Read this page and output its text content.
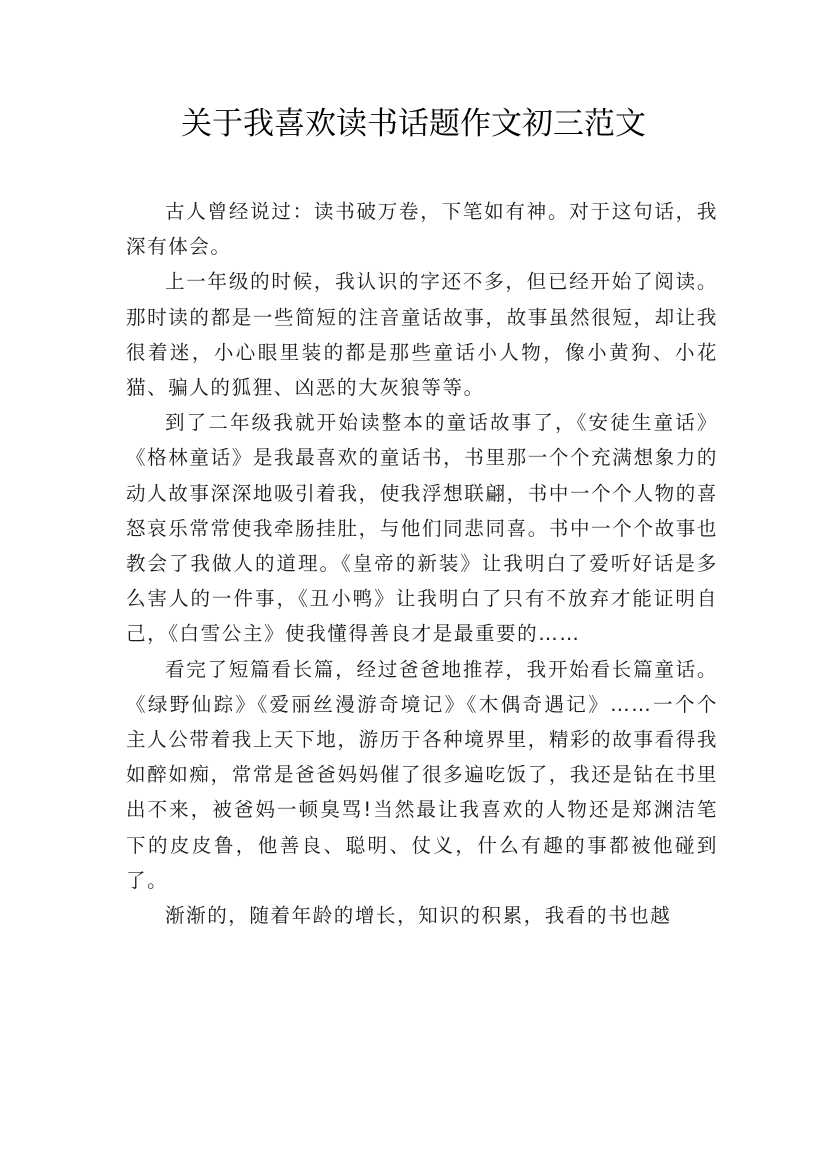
关于我喜欢读书话题作文初三范文

古人曾经说过：读书破万卷，下笔如有神。对于这句话，我深有体会。

上一年级的时候，我认识的字还不多，但已经开始了阅读。那时读的都是一些简短的注音童话故事，故事虽然很短，却让我很着迷，小心眼里装的都是那些童话小人物，像小黄狗、小花猫、骗人的狐狸、凶恶的大灰狼等等。

到了二年级我就开始读整本的童话故事了，《安徒生童话》《格林童话》是我最喜欢的童话书，书里那一个个充满想象力的动人故事深深地吸引着我，使我浮想联翩，书中一个个人物的喜怒哀乐常常使我牵肠挂肚，与他们同悲同喜。书中一个个故事也教会了我做人的道理。《皇帝的新装》让我明白了爱听好话是多么害人的一件事，《丑小鸭》让我明白了只有不放弃才能证明自己，《白雪公主》使我懂得善良才是最重要的……

看完了短篇看长篇，经过爸爸地推荐，我开始看长篇童话。《绿野仙踪》《爱丽丝漫游奇境记》《木偶奇遇记》……一个个主人公带着我上天下地，游历于各种境界里，精彩的故事看得我如醉如痴，常常是爸爸妈妈催了很多遍吃饭了，我还是钻在书里出不来，被爸妈一顿臭骂!当然最让我喜欢的人物还是郑渊洁笔下的皮皮鲁，他善良、聪明、仗义，什么有趣的事都被他碰到了。

渐渐的，随着年龄的增长，知识的积累，我看的书也越
